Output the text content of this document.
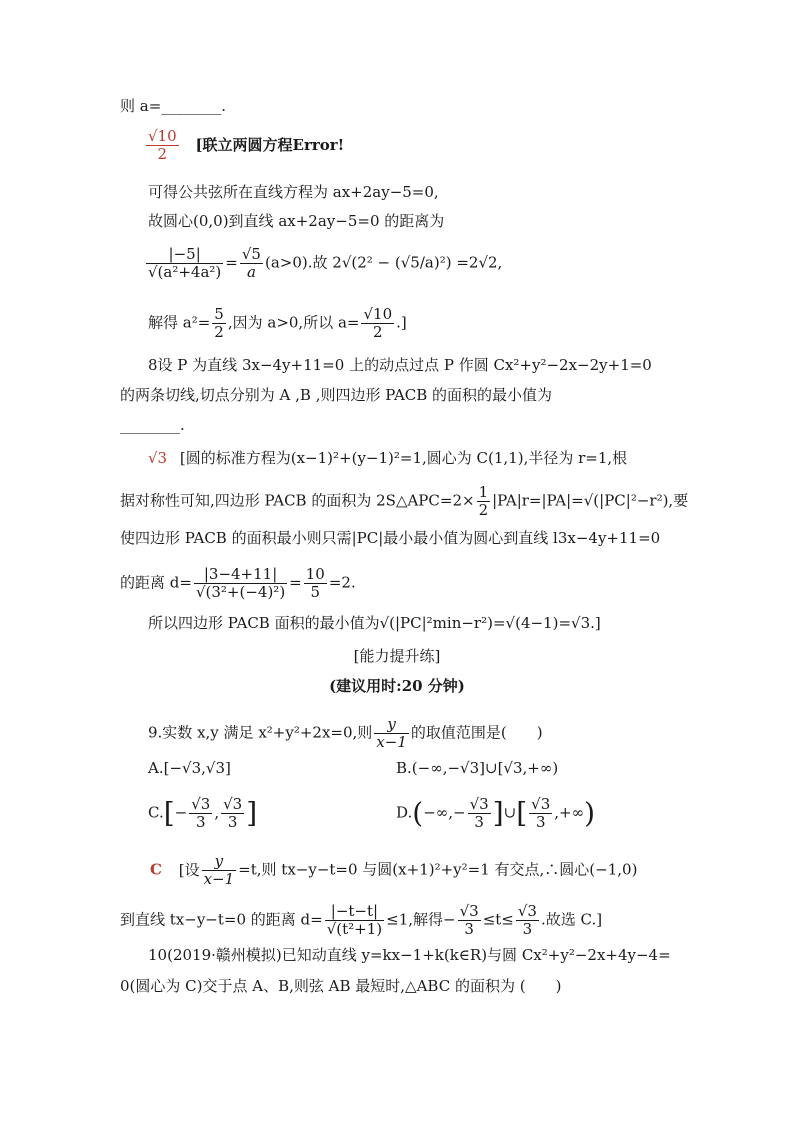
则 a=________.
$\frac{√10}{2}$ [联立两圆方程Error!
可得公共弦所在直线方程为 ax+2ay−5=0,
故圆心(0,0)到直线 ax+2ay−5=0 的距离为
$\frac{|-5|}{\text{√(a²+4a²)}} = \frac{√5}{a} (a>0)$.故 2√(2² − (√5/a)²) =2√2,
解得 $a^2= \frac{5}{2}$ ,因为 a>0,所以 $a= \frac{√10}{2}$ .]
8设 P 为直线 3x−4y+11=0 上的动点过点 P 作圆 Cx²+y²−2x−2y+1=0
的两条切线,切点分别为 A ,B ,则四边形 PACB 的面积的最小值为
________.
√3 [圆的标准方程为(x−1)²+(y−1)²=1,圆心为 C(1,1),半径为 r=1,根
据对称性可知,四边形 PACB 的面积为 2S△APC=2× $\frac{1}{2} |PA|r=|PA|=√(|PC|^2-r^2)$,要
使四边形 PACB 的面积最小则只需|PC|最小最小值为圆心到直线 l3x−4y+11=0
的距离 $d= \frac{|3-4+11|}{\text{√(3²+(−4)²)}} = \frac{10}{5} =2$.
所以四边形 PACB 面积的最小值为√(|PC|²min−r²)=√(4−1)=√3.]
[能力提升练]
(建议用时:20 分钟)
9.实数 x,y 满足 x²+y²+2x=0,则 $\frac{y}{x-1}$ 的取值范围是(　　)
A.[−√3,√3]	B.(−∞,−√3]∪[√3,+∞)
$C.[- \frac{√3}{3}$ , $\frac{√3}{3}$ ]	$D.(-\infty,- \frac{√3}{3}$ ]∪[ $\frac{√3}{3}$ ,+∞)
C [设 $\frac{y}{x-1} =t$,则 tx−y−t=0 与圆(x+1)²+y²=1 有交点,∴圆心(−1,0)
到直线 tx−y−t=0 的距离 $d= \frac{|-t-t|}{\text{√(t²+1)}} \le 1$,解得− $\frac{√3}{3} \le t\le \frac{√3}{3}$ .故选 C.]
10(2019·赣州模拟)已知动直线 y=kx−1+k(k∈R)与圆 Cx²+y²−2x+4y−4=
0(圆心为 C)交于点 A、B,则弦 AB 最短时,△ABC 的面积为 (　　)
